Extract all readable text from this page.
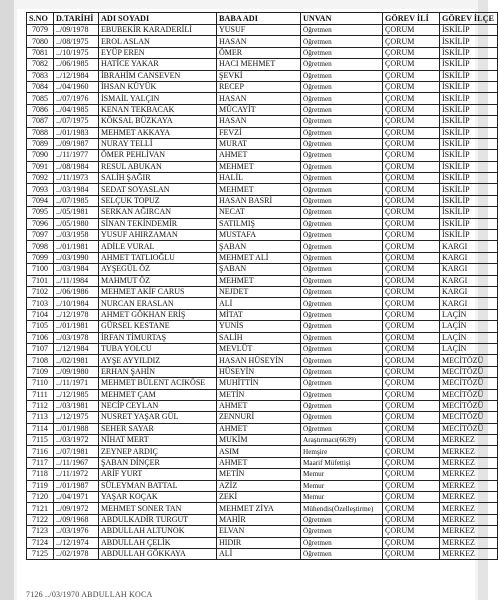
S.NO	D.TARİHİ	ADI SOYADI	BABA ADI	UNVAN	GÖREV İLİ	GÖREV İLÇE
7079	../09/1978	EBUBEKİR KARADERİLİ	YUSUF	Öğretmen	ÇORUM	İSKİLİP
7080	../08/1975	EROL ASLAN	HASAN	Öğretmen	ÇORUM	İSKİLİP
7081	../10/1975	EYÜP EREN	ÖMER	Öğretmen	ÇORUM	İSKİLİP
7082	../06/1985	HATİCE YAKAR	HACI MEHMET	Öğretmen	ÇORUM	İSKİLİP
7083	../12/1984	İBRAHİM CANSEVEN	ŞEVKİ	Öğretmen	ÇORUM	İSKİLİP
7084	../04/1960	İHSAN KÜYÜK	RECEP	Öğretmen	ÇORUM	İSKİLİP
7085	../07/1976	İSMAİL YALÇIN	HASAN	Öğretmen	ÇORUM	İSKİLİP
7086	../04/1985	KENAN TEKBACAK	MÜCAYİT	Öğretmen	ÇORUM	İSKİLİP
7087	../07/1975	KÖKSAL BÜZKAYA	HASAN	Öğretmen	ÇORUM	İSKİLİP
7088	../01/1983	MEHMET AKKAYA	FEVZİ	Öğretmen	ÇORUM	İSKİLİP
7089	../09/1987	NURAY TELLİ	MURAT	Öğretmen	ÇORUM	İSKİLİP
7090	../11/1977	ÖMER PEHLİVAN	AHMET	Öğretmen	ÇORUM	İSKİLİP
7091	../08/1984	RESUL ABUKAN	MEHMET	Öğretmen	ÇORUM	İSKİLİP
7092	../11/1973	SALİH ŞAĞIR	HALİL	Öğretmen	ÇORUM	İSKİLİP
7093	../03/1984	SEDAT SOYASLAN	MEHMET	Öğretmen	ÇORUM	İSKİLİP
7094	../07/1985	SELÇUK TOPUZ	HASAN BASRİ	Öğretmen	ÇORUM	İSKİLİP
7095	../05/1981	SERKAN AĞIRCAN	NECAT	Öğretmen	ÇORUM	İSKİLİP
7096	../05/1980	SİNAN TEKİNDEMİR	SATILMIŞ	Öğretmen	ÇORUM	İSKİLİP
7097	../03/1958	YUSUF AHIRZAMAN	MUSTAFA	Öğretmen	ÇORUM	İSKİLİP
7098	../01/1981	ADİLE VURAL	ŞABAN	Öğretmen	ÇORUM	KARGI
7099	../03/1990	AHMET TATLIOĞLU	MEHMET ALİ	Öğretmen	ÇORUM	KARGI
7100	../03/1984	AYŞEGÜL ÖZ	ŞABAN	Öğretmen	ÇORUM	KARGI
7101	../11/1984	MAHMUT ÖZ	MEHMET	Öğretmen	ÇORUM	KARGI
7102	../06/1986	MEHMET AKİF CARUS	NEJDET	Öğretmen	ÇORUM	KARGI
7103	../10/1984	NURCAN ERASLAN	ALİ	Öğretmen	ÇORUM	KARGI
7104	../12/1978	AHMET GÖKHAN ERİŞ	MİTAT	Öğretmen	ÇORUM	LAÇİN
7105	../01/1981	GÜRSEL KESTANE	YUNİS	Öğretmen	ÇORUM	LAÇİN
7106	../03/1978	İRFAN TİMURTAŞ	SALİH	Öğretmen	ÇORUM	LAÇİN
7107	../12/1984	TUBA YOLCU	MEVLÜT	Öğretmen	ÇORUM	LAÇİN
7108	../02/1981	AYŞE AYYILDIZ	HASAN HÜSEYİN	Öğretmen	ÇORUM	MECİTÖZÜ
7109	../09/1980	ERHAN ŞAHİN	HÜSEYİN	Öğretmen	ÇORUM	MECİTÖZÜ
7110	../11/1971	MEHMET BÜLENT ACIKÖSE	MUHİTTİN	Öğretmen	ÇORUM	MECİTÖZÜ
7111	../12/1985	MEHMET ÇAM	METİN	Öğretmen	ÇORUM	MECİTÖZÜ
7112	../03/1981	NECİP CEYLAN	AHMET	Öğretmen	ÇORUM	MECİTÖZÜ
7113	../12/1975	NUSRET YAŞAR GÜL	ZENNURİ	Öğretmen	ÇORUM	MECİTÖZÜ
7114	../01/1988	SEHER SAYAR	AHMET	Öğretmen	ÇORUM	MECİTÖZÜ
7115	../03/1972	NİHAT MERT	MUKİM	Araştırmacı(6639)	ÇORUM	MERKEZ
7116	../07/1981	ZEYNEP ARDIÇ	ASIM	Hemşire	ÇORUM	MERKEZ
7117	../11/1967	ŞABAN DİNÇER	AHMET	Maarif Müfettişi	ÇORUM	MERKEZ
7118	../11/1972	ARİF YURT	METİN	Memur	ÇORUM	MERKEZ
7119	../01/1987	SÜLEYMAN BATTAL	AZİZ	Memur	ÇORUM	MERKEZ
7120	../04/1971	YAŞAR KOÇAK	ZEKİ	Memur	ÇORUM	MERKEZ
7121	../09/1972	MEHMET SONER TAN	MEHMET ZİYA	Mühendis(Özelleştirme)	ÇORUM	MERKEZ
7122	../09/1968	ABDULKADİR TURGUT	MAHİR	Öğretmen	ÇORUM	MERKEZ
7123	../03/1976	ABDULLAH ALTUNOK	ELVAN	Öğretmen	ÇORUM	MERKEZ
7124	../12/1974	ABDULLAH ÇELİK	HIDIR	Öğretmen	ÇORUM	MERKEZ
7125	../02/1978	ABDULLAH GÖKKAYA	ALİ	Öğretmen	ÇORUM	MERKEZ
7126 ../03/1970 ABDULLAH KOCA
